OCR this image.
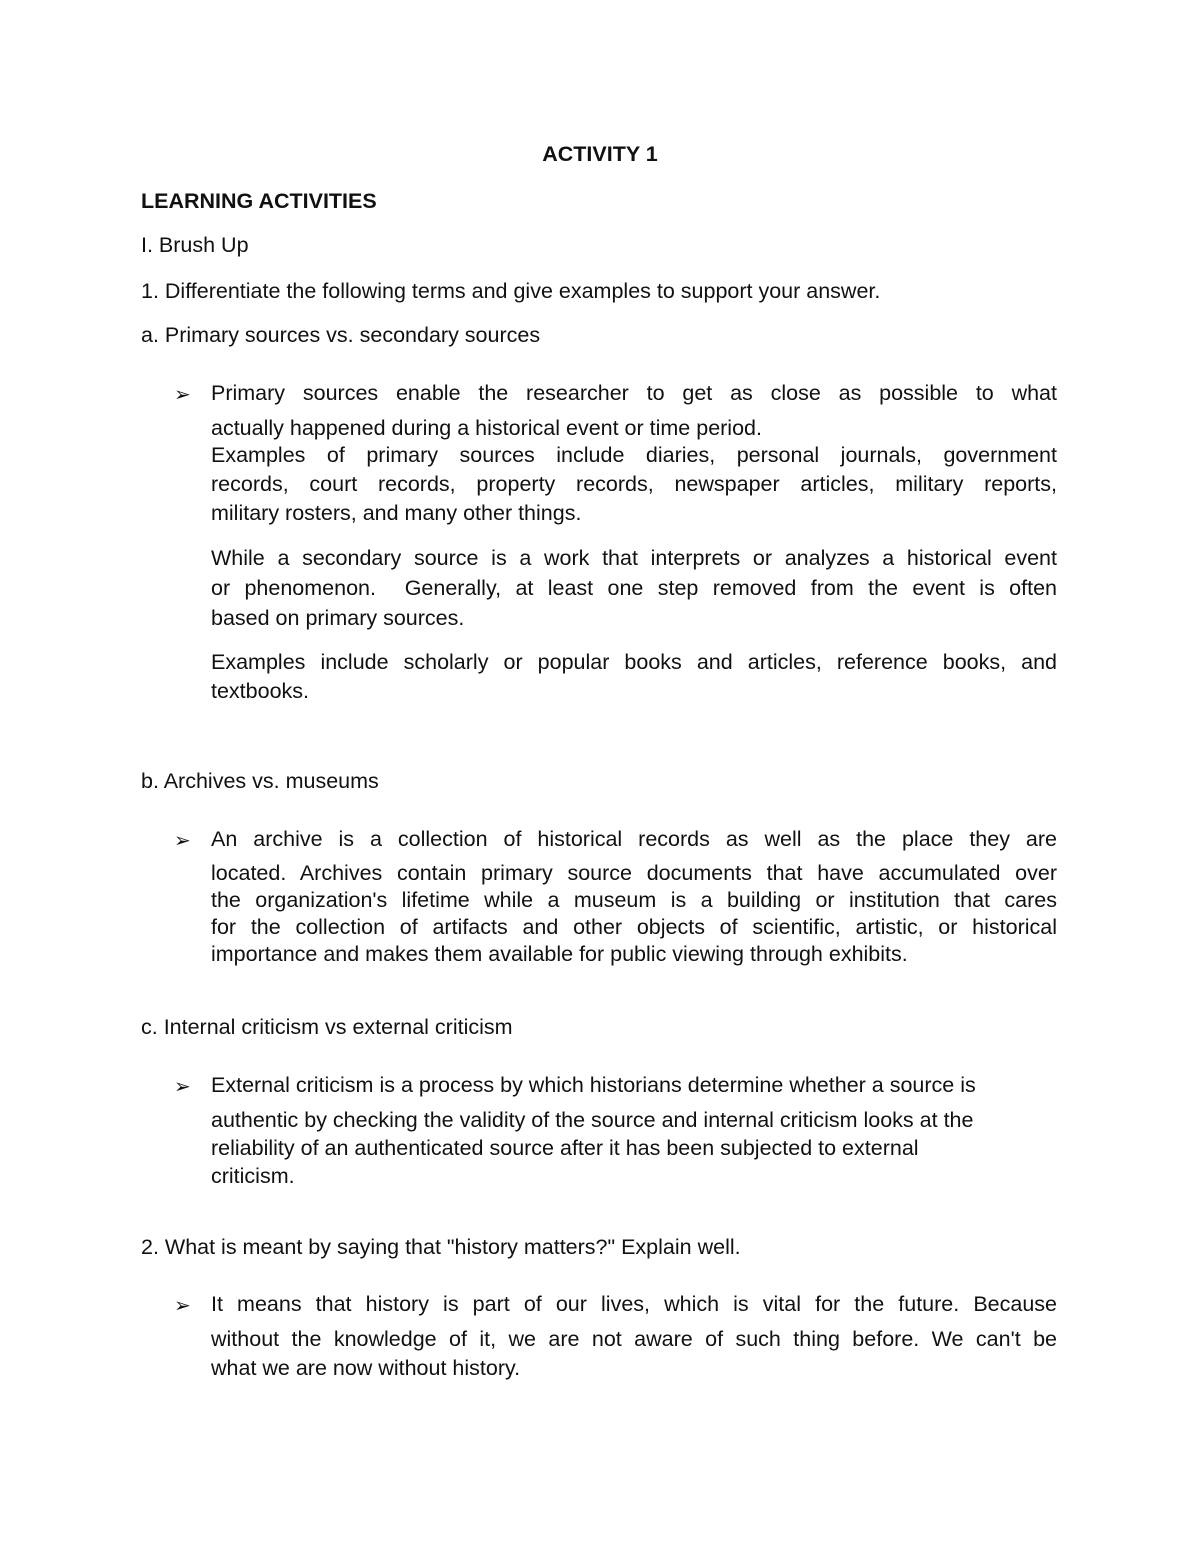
ACTIVITY 1
LEARNING ACTIVITIES
I. Brush Up
1. Differentiate the following terms and give examples to support your answer.
a. Primary sources vs. secondary sources
➢ Primary sources enable the researcher to get as close as possible to what
actually happened during a historical event or time period.
Examples of primary sources include diaries, personal journals, government
records, court records, property records, newspaper articles, military reports,
military rosters, and many other things.
While a secondary source is a work that interprets or analyzes a historical event
or phenomenon.  Generally, at least one step removed from the event is often
based on primary sources.
Examples include scholarly or popular books and articles, reference books, and
textbooks.
b. Archives vs. museums
➢ An archive is a collection of historical records as well as the place they are
located. Archives contain primary source documents that have accumulated over
the organization's lifetime while a museum is a building or institution that cares
for the collection of artifacts and other objects of scientific, artistic, or historical
importance and makes them available for public viewing through exhibits.
c. Internal criticism vs external criticism
➢ External criticism is a process by which historians determine whether a source is
authentic by checking the validity of the source and internal criticism looks at the
reliability of an authenticated source after it has been subjected to external
criticism.
2. What is meant by saying that "history matters?" Explain well.
➢ It means that history is part of our lives, which is vital for the future. Because
without the knowledge of it, we are not aware of such thing before. We can't be
what we are now without history.
